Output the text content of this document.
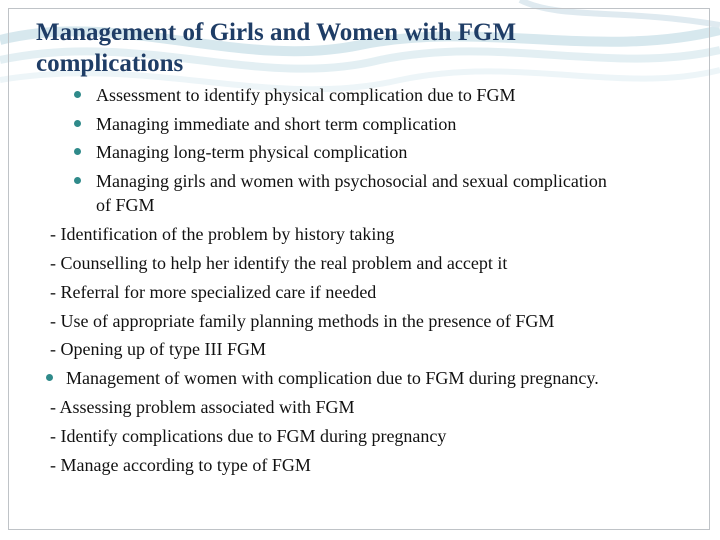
Management of Girls and Women with FGM
complications
Assessment to identify physical complication due to FGM
Managing immediate and short term complication
Managing long-term physical complication
Managing girls and women with psychosocial and sexual complication
of FGM
- Identification of the problem by history taking
- Counselling to help her identify the real problem and accept it
- Referral for more specialized care if needed
- Use of appropriate family planning methods in the presence of FGM
- Opening up of type III FGM
Management of women with complication due to FGM during pregnancy.
- Assessing problem associated with FGM
- Identify complications due to FGM during pregnancy
- Manage according to type of FGM
